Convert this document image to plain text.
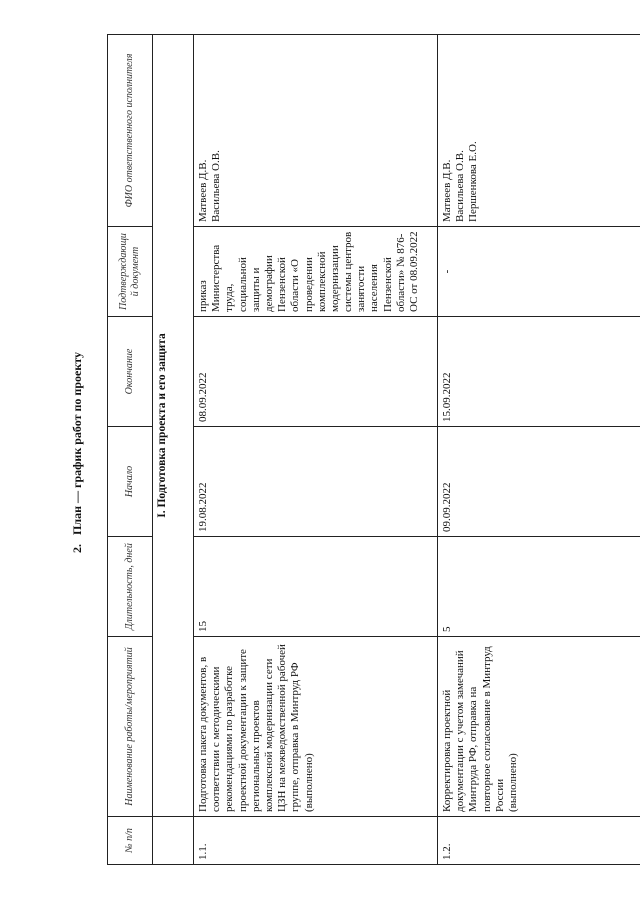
2.   План — график работ по проекту
№ п/п	Наименование работы/мероприятий	Длительность, дней	Начало	Окончание	Подтверждающий документ	ФИО ответственного исполнителя
	I. Подготовка проекта и его защита					
1.1.	Подготовка пакета документов, в соответствии с методическими рекомендациями по разработке проектной документации к защите региональных проектов комплексной модернизации сети ЦЗН на межведомственной рабочей группе, отправка в Минтруд РФ (выполнено)	15	19.08.2022	08.09.2022	приказ Министерства труда, социальной защиты и демографии Пензенской области «О проведении комплексной модернизации системы центров занятости населения Пензенской области» № 876-ОС от 08.09.2022	Матвеев Д.В. Васильева О.В.

1.2.	Корректировка проектной документации с учетом замечаний Минтруда РФ, отправка на повторное согласование в Минтруд России (выполнено)	5	09.09.2022	15.09.2022	-	Матвеев Д.В. Васильева О.В. Першенкова Е.О.
